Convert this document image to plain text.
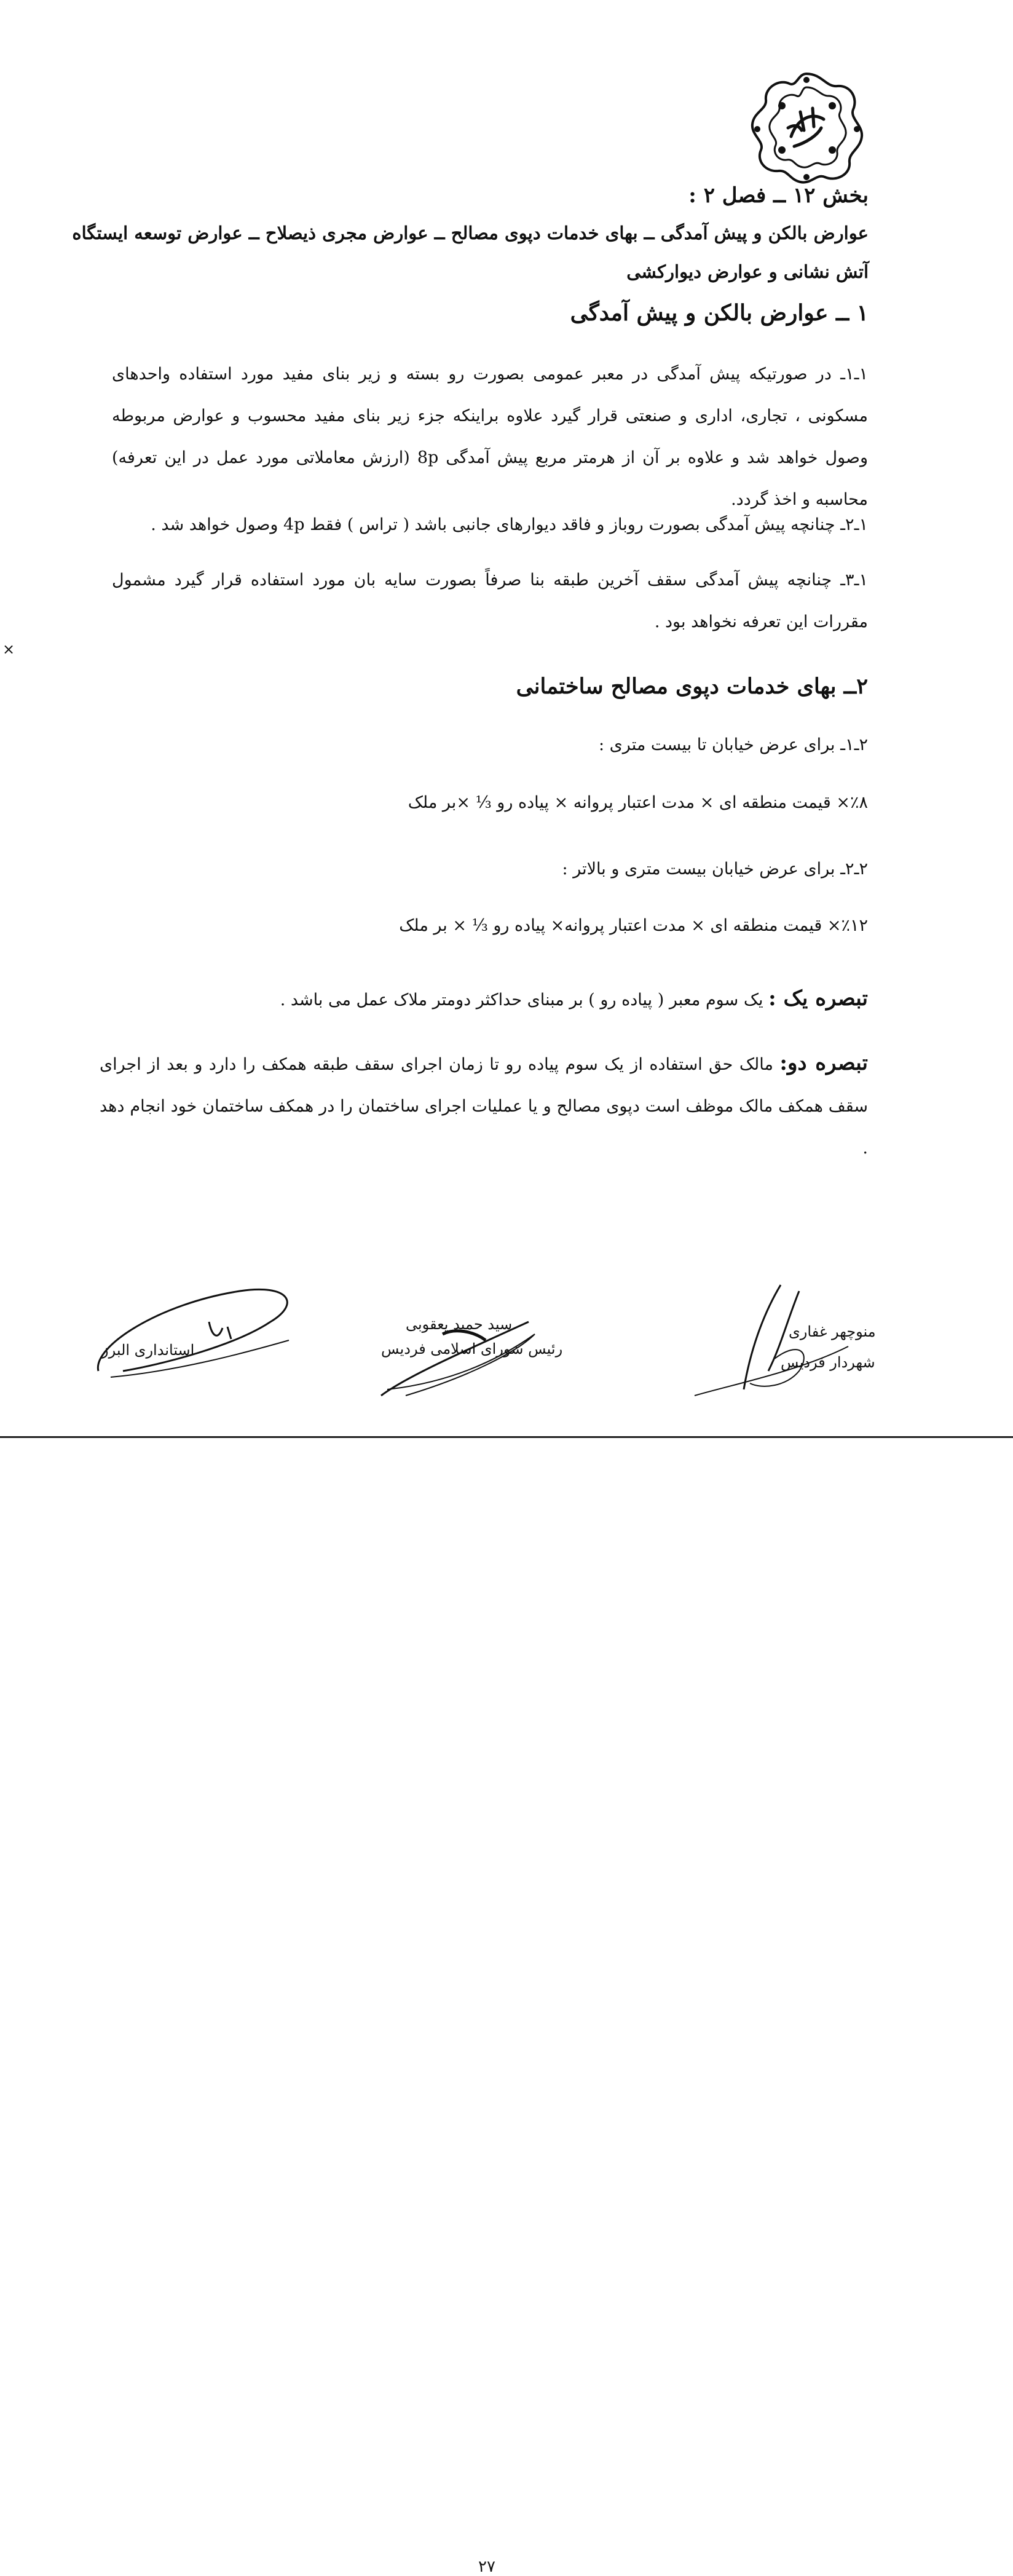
بخش ۱۲ ــ فصل ۲ :
عوارض بالکن و پیش آمدگی ــ بهای خدمات دپوی مصالح ــ عوارض مجری ذیصلاح ــ عوارض توسعه ایستگاه
آتش نشانی و عوارض دیوارکشی
۱ ــ عوارض بالکن و پیش آمدگی
۱ـ۱ـ در صورتیکه پیش آمدگی در معبر عمومی بصورت رو بسته و زیر بنای مفید مورد استفاده واحدهای مسکونی ، تجاری، اداری و صنعتی قرار گیرد علاوه براینکه جزء زیر بنای مفید محسوب و عوارض مربوطه وصول خواهد شد و علاوه بر آن از هرمتر مربع پیش آمدگی 8p (ارزش معاملاتی مورد عمل در این تعرفه) محاسبه و اخذ گردد.
۱ـ۲ـ چنانچه پیش آمدگی بصورت روباز و فاقد دیوارهای جانبی باشد ( تراس ) فقط 4p وصول خواهد شد .
۱ـ۳ـ چنانچه پیش آمدگی سقف آخرین طبقه بنا صرفاً بصورت سایه بان مورد استفاده قرار گیرد مشمول مقررات این تعرفه نخواهد بود .
۲ــ بهای خدمات دپوی مصالح ساختمانی
۲ـ۱ـ برای عرض خیابان تا بیست متری :
٪۸× قیمت منطقه ای × مدت اعتبار پروانه × پیاده رو ⅓ ×بر ملک
۲ـ۲ـ برای عرض خیابان بیست متری و بالاتر :
٪۱۲× قیمت منطقه ای × مدت اعتبار پروانه× پیاده رو ⅓ × بر ملک
تبصره یک : یک سوم معبر ( پیاده رو ) بر مبنای حداکثر دومتر ملاک عمل می باشد .
تبصره دو: مالک حق استفاده از یک سوم پیاده رو تا زمان اجرای سقف طبقه همکف را دارد و بعد از اجرای سقف همکف مالک موظف است دپوی مصالح و یا عملیات اجرای ساختمان را در همکف ساختمان خود انجام دهد .
۲۷
استانداری البرز
سید حمید یعقوبی
رئیس شورای اسلامی فردیس
منوچهر غفاری
شهردار فردیس
×
